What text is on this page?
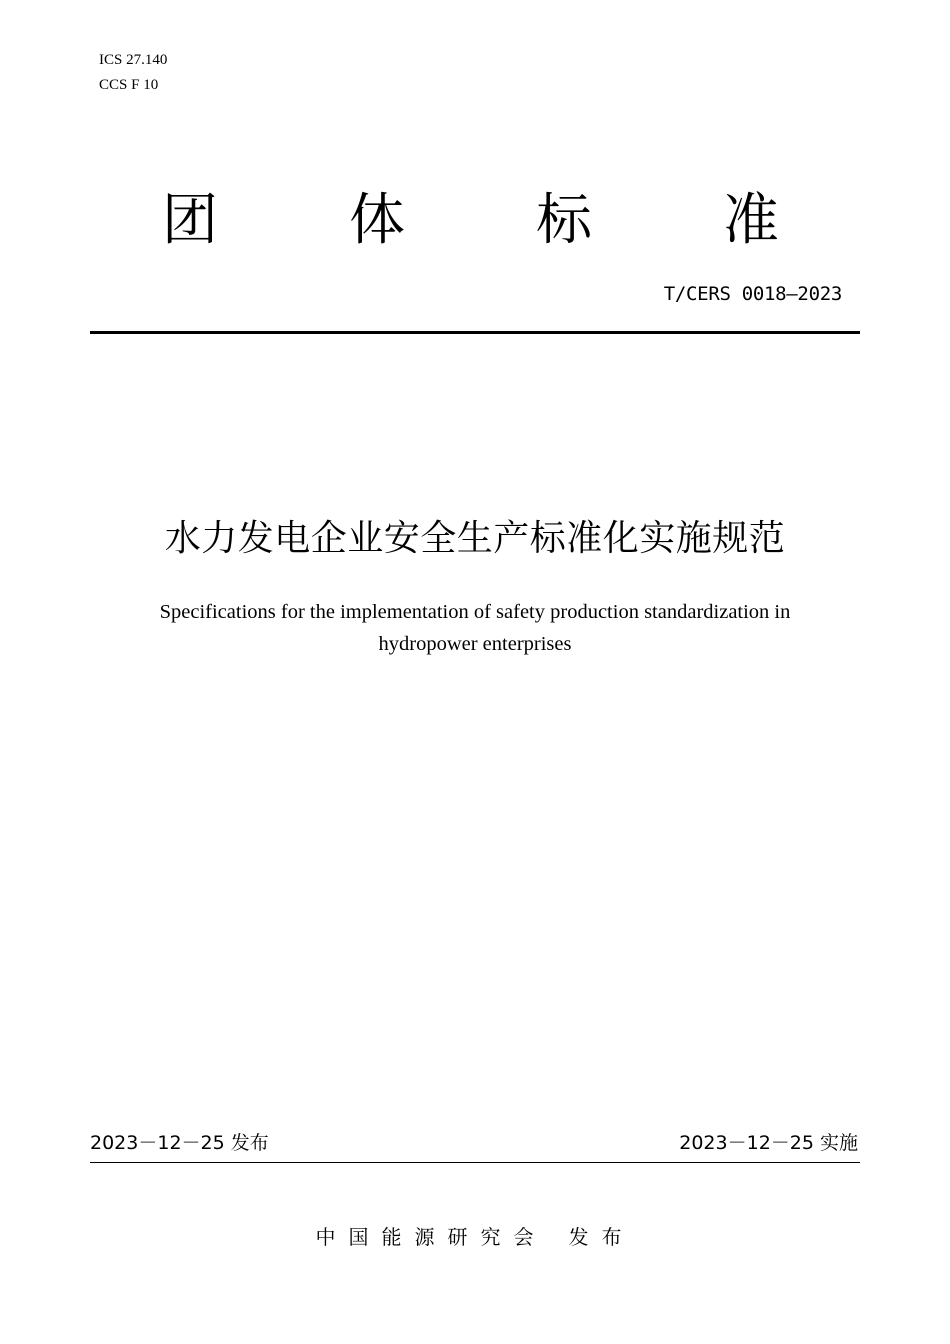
ICS 27.140
CCS F 10
团 体 标 准
T/CERS 0018—2023
水力发电企业安全生产标准化实施规范
Specifications for the implementation of safety production standardization in
hydropower enterprises
2023－12－25 发布	2023－12－25 实施
中国能源研究会 发布
